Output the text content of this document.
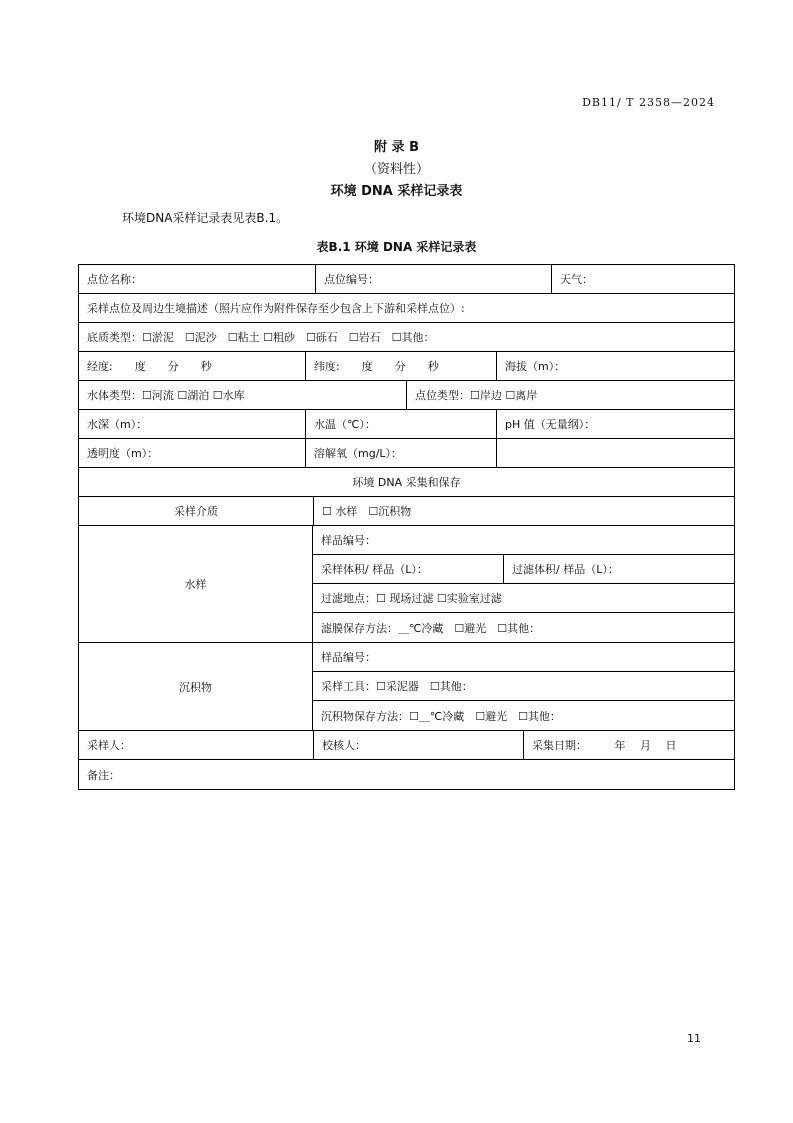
DB11/ T 2358—2024
附 录 B
（资料性）
环境 DNA 采样记录表
环境DNA采样记录表见表B.1。
表B.1 环境 DNA 采样记录表
点位名称：	点位编号：	天气：
采样点位及周边生境描述（照片应作为附件保存至少包含上下游和采样点位）:
底质类型：☐淤泥　☐泥沙　☐粘土 ☐粗砂　☐砾石　☐岩石　☐其他：
经度:　　度　　分　　秒	纬度:　　度　　分　　秒	海拔（m）：
水体类型：☐河流 ☐湖泊 ☐水库	点位类型：☐岸边 ☐离岸
水深（m）：	水温（℃）：	pH 值（无量纲）：
透明度（m）：	溶解氧（mg/L）：
环境 DNA 采集和保存
采样介质	☐ 水样　☐沉积物
水样
样品编号：
采样体积/ 样品（L）：	过滤体积/ 样品（L）：
过滤地点：☐ 现场过滤 ☐实验室过滤
滤膜保存方法：＿℃冷藏　☐避光　☐其他：
沉积物
样品编号：
采样工具：☐采泥器　☐其他：
沉积物保存方法：☐＿℃冷藏　☐避光　☐其他：
采样人：	校核人：	采集日期：　　　年　 月　 日
备注：
11
